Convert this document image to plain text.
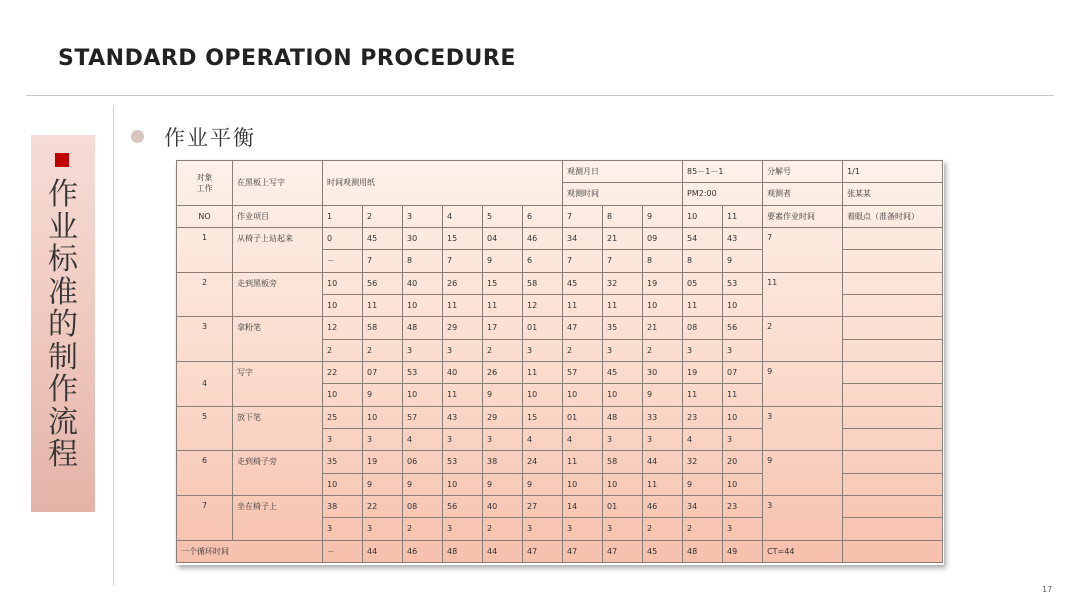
STANDARD OPERATION PROCEDURE
作业标准的制作流程
作业平衡
对象
工作	在黑板上写字	时间观测用纸						观测月日			85－1－1		分解号	1/1
								观测时间			PM2:00		观测者	张某某
NO	作业项目	1	2	3	4	5	6	7	8	9	10	11	要素作业时间	着眼点（准备时间）
1	从椅子上站起来	0	45	30	15	04	46	34	21	09	54	43	7	
		－	7	8	7	9	6	7	7	8	8	9		
2	走到黑板旁	10	56	40	26	15	58	45	32	19	05	53	11	
		10	11	10	11	11	12	11	11	10	11	10		
3	拿粉笔	12	58	48	29	17	01	47	35	21	08	56	2	
		2	2	3	3	2	3	2	3	2	3	3		
4	写字	22	07	53	40	26	11	57	45	30	19	07	9	
		10	9	10	11	9	10	10	10	9	11	11		
5	放下笔	25	10	57	43	29	15	01	48	33	23	10	3	
		3	3	4	3	3	4	4	3	3	4	3		
6	走到椅子旁	35	19	06	53	38	24	11	58	44	32	20	9	
		10	9	9	10	9	9	10	10	11	9	10		
7	坐在椅子上	38	22	08	56	40	27	14	01	46	34	23	3	
		3	3	2	3	2	3	3	3	2	2	3		
一个循环时间		－	44	46	48	44	47	47	47	45	48	49	CT=44	
17
